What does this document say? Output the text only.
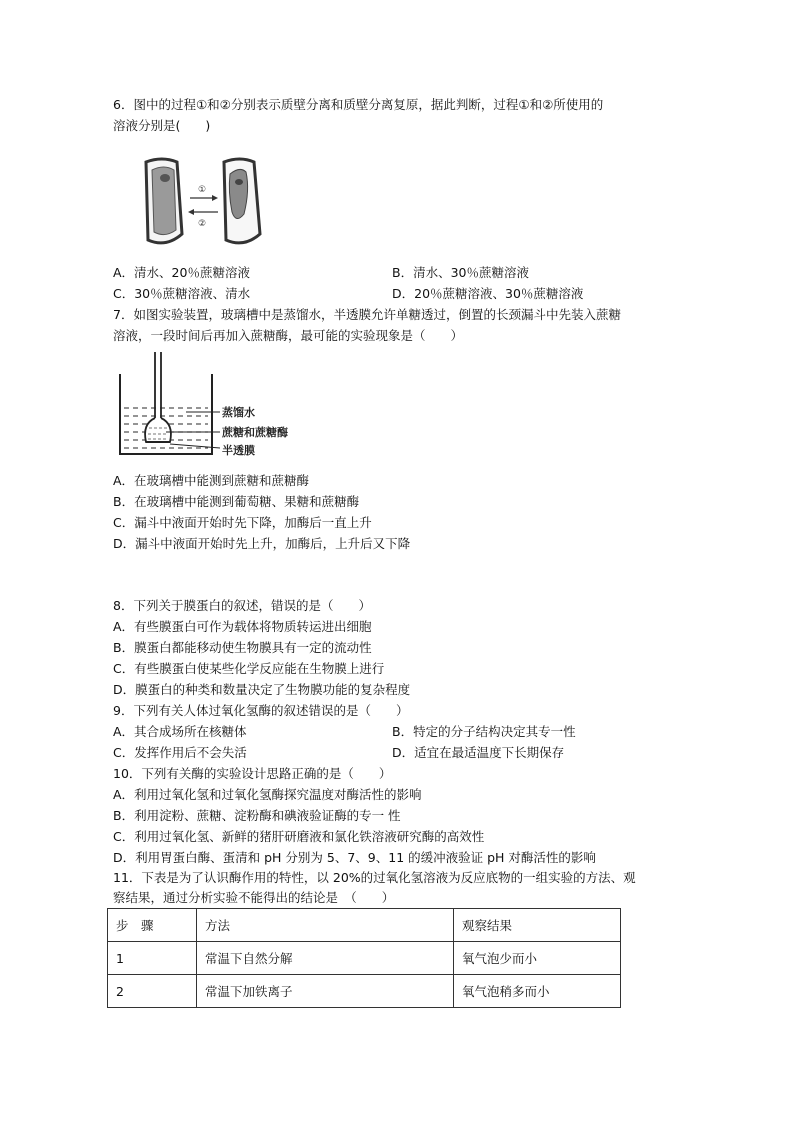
6．图中的过程①和②分别表示质壁分离和质壁分离复原，据此判断，过程①和②所使用的
溶液分别是(　　)
①
②
A．清水、20％蔗糖溶液	B．清水、30％蔗糖溶液
C．30％蔗糖溶液、清水	D．20％蔗糖溶液、30％蔗糖溶液
7．如图实验装置，玻璃槽中是蒸馏水，半透膜允许单糖透过，倒置的长颈漏斗中先装入蔗糖
溶液，一段时间后再加入蔗糖酶，最可能的实验现象是（　　）
蒸馏水
蔗糖和蔗糖酶
半透膜
A．在玻璃槽中能测到蔗糖和蔗糖酶
B．在玻璃槽中能测到葡萄糖、果糖和蔗糖酶
C．漏斗中液面开始时先下降，加酶后一直上升
D．漏斗中液面开始时先上升，加酶后，上升后又下降
8．下列关于膜蛋白的叙述，错误的是（　　）
A．有些膜蛋白可作为载体将物质转运进出细胞
B．膜蛋白都能移动使生物膜具有一定的流动性
C．有些膜蛋白使某些化学反应能在生物膜上进行
D．膜蛋白的种类和数量决定了生物膜功能的复杂程度
9．下列有关人体过氧化氢酶的叙述错误的是（　　）
A．其合成场所在核糖体	B．特定的分子结构决定其专一性
C．发挥作用后不会失活	D．适宜在最适温度下长期保存
10．下列有关酶的实验设计思路正确的是（　　）
A．利用过氧化氢和过氧化氢酶探究温度对酶活性的影响
B．利用淀粉、蔗糖、淀粉酶和碘液验证酶的专一 性
C．利用过氧化氢、新鲜的猪肝研磨液和氯化铁溶液研究酶的高效性
D．利用胃蛋白酶、蛋清和 pH 分别为 5、7、9、11 的缓冲液验证 pH 对酶活性的影响
11．下表是为了认识酶作用的特性，以 20%的过氧化氢溶液为反应底物的一组实验的方法、观
察结果，通过分析实验不能得出的结论是　（　　）
步　骤	方法	观察结果
1	常温下自然分解	氧气泡少而小
2	常温下加铁离子	氧气泡稍多而小
